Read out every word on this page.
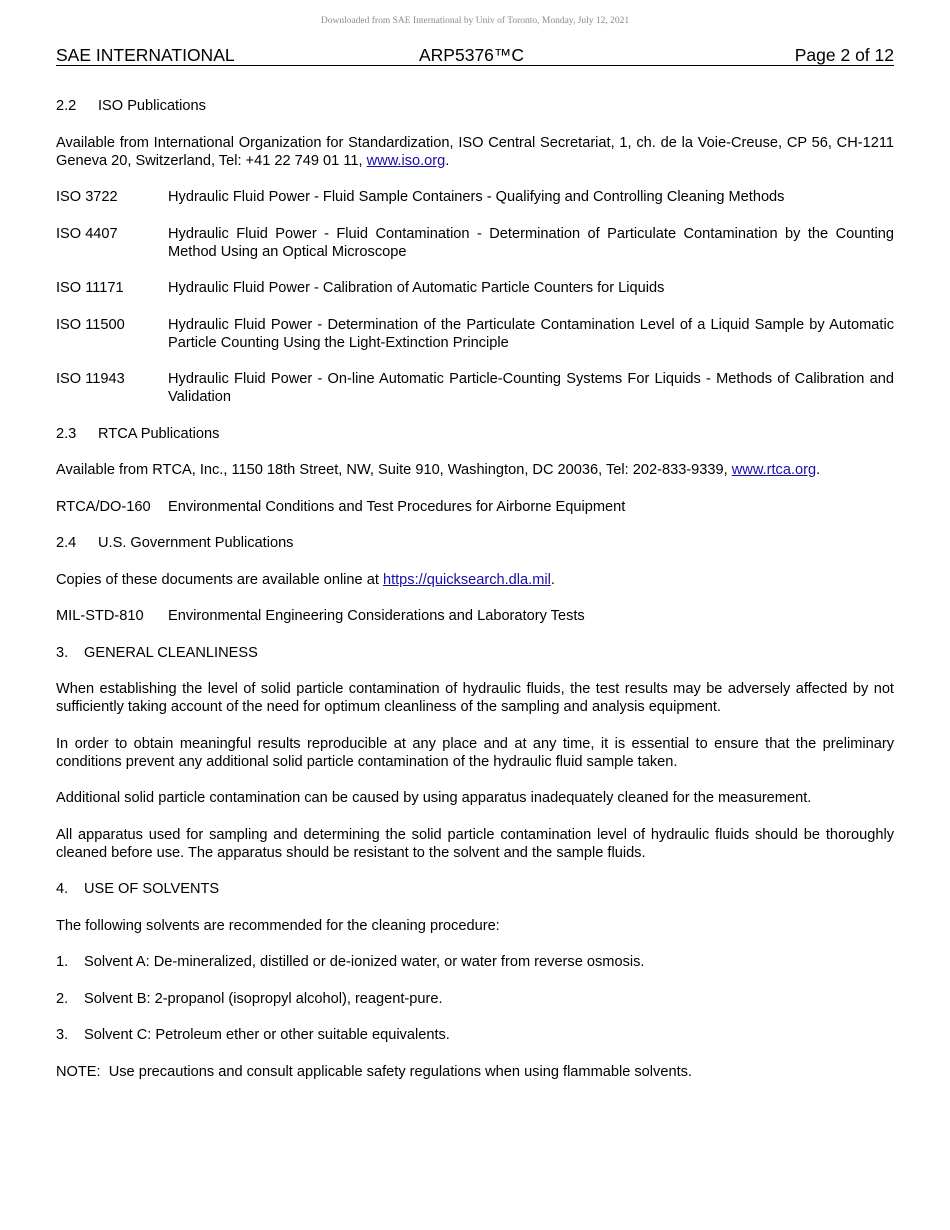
Downloaded from SAE International by Univ of Toronto, Monday, July 12, 2021
SAE INTERNATIONAL	ARP5376™C	Page 2 of 12
2.2 ISO Publications
Available from International Organization for Standardization, ISO Central Secretariat, 1, ch. de la Voie-Creuse, CP 56, CH-1211 Geneva 20, Switzerland, Tel: +41 22 749 01 11, www.iso.org.
ISO 3722	Hydraulic Fluid Power - Fluid Sample Containers - Qualifying and Controlling Cleaning Methods
ISO 4407	Hydraulic Fluid Power - Fluid Contamination - Determination of Particulate Contamination by the Counting Method Using an Optical Microscope
ISO 11171	Hydraulic Fluid Power - Calibration of Automatic Particle Counters for Liquids
ISO 11500	Hydraulic Fluid Power - Determination of the Particulate Contamination Level of a Liquid Sample by Automatic Particle Counting Using the Light-Extinction Principle
ISO 11943	Hydraulic Fluid Power - On-line Automatic Particle-Counting Systems For Liquids - Methods of Calibration and Validation
2.3 RTCA Publications
Available from RTCA, Inc., 1150 18th Street, NW, Suite 910, Washington, DC 20036, Tel: 202-833-9339, www.rtca.org.
RTCA/DO-160	Environmental Conditions and Test Procedures for Airborne Equipment
2.4 U.S. Government Publications
Copies of these documents are available online at https://quicksearch.dla.mil.
MIL-STD-810	Environmental Engineering Considerations and Laboratory Tests
3. GENERAL CLEANLINESS
When establishing the level of solid particle contamination of hydraulic fluids, the test results may be adversely affected by not sufficiently taking account of the need for optimum cleanliness of the sampling and analysis equipment.
In order to obtain meaningful results reproducible at any place and at any time, it is essential to ensure that the preliminary conditions prevent any additional solid particle contamination of the hydraulic fluid sample taken.
Additional solid particle contamination can be caused by using apparatus inadequately cleaned for the measurement.
All apparatus used for sampling and determining the solid particle contamination level of hydraulic fluids should be thoroughly cleaned before use. The apparatus should be resistant to the solvent and the sample fluids.
4. USE OF SOLVENTS
The following solvents are recommended for the cleaning procedure:
1.	Solvent A: De-mineralized, distilled or de-ionized water, or water from reverse osmosis.
2.	Solvent B: 2-propanol (isopropyl alcohol), reagent-pure.
3.	Solvent C: Petroleum ether or other suitable equivalents.
NOTE:  Use precautions and consult applicable safety regulations when using flammable solvents.
